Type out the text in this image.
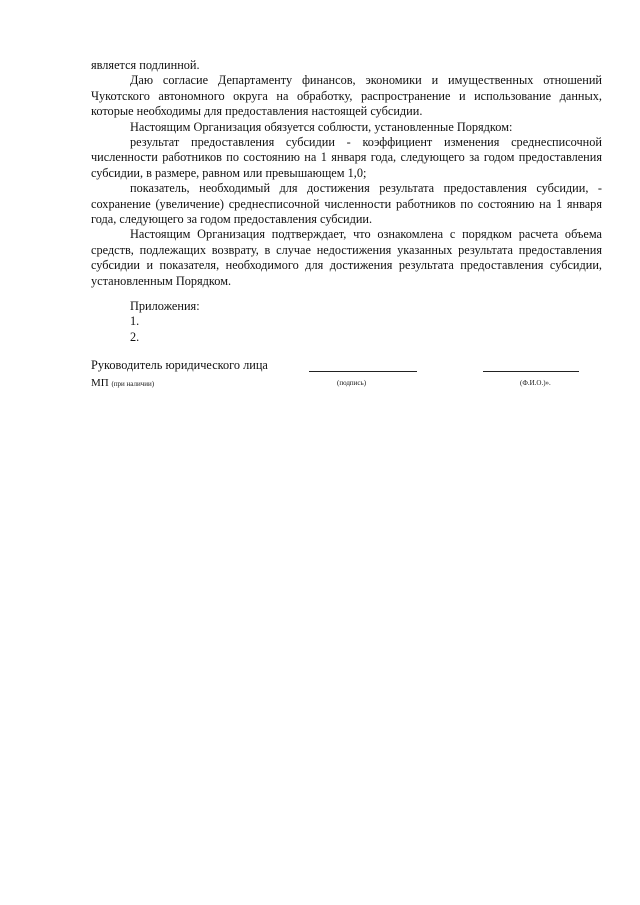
является подлинной.

Даю согласие Департаменту финансов, экономики и имущественных отношений Чукотского автономного округа на обработку, распространение и использование данных, которые необходимы для предоставления настоящей субсидии.

Настоящим Организация обязуется соблюсти, установленные Порядком:

результат предоставления субсидии - коэффициент изменения среднесписочной численности работников по состоянию на 1 января года, следующего за годом предоставления субсидии, в размере, равном или превышающем 1,0;

показатель, необходимый для достижения результата предоставления субсидии, - сохранение (увеличение) среднесписочной численности работников по состоянию на 1 января года, следующего за годом предоставления субсидии.

Настоящим Организация подтверждает, что ознакомлена с порядком расчета объема средств, подлежащих возврату, в случае недостижения указанных результата предоставления субсидии и показателя, необходимого для достижения результата предоставления субсидии, установленным Порядком.

Приложения:
1.
2.
Руководитель юридического лица
МП (при наличии)	(подпись)	(Ф.И.О.)».
